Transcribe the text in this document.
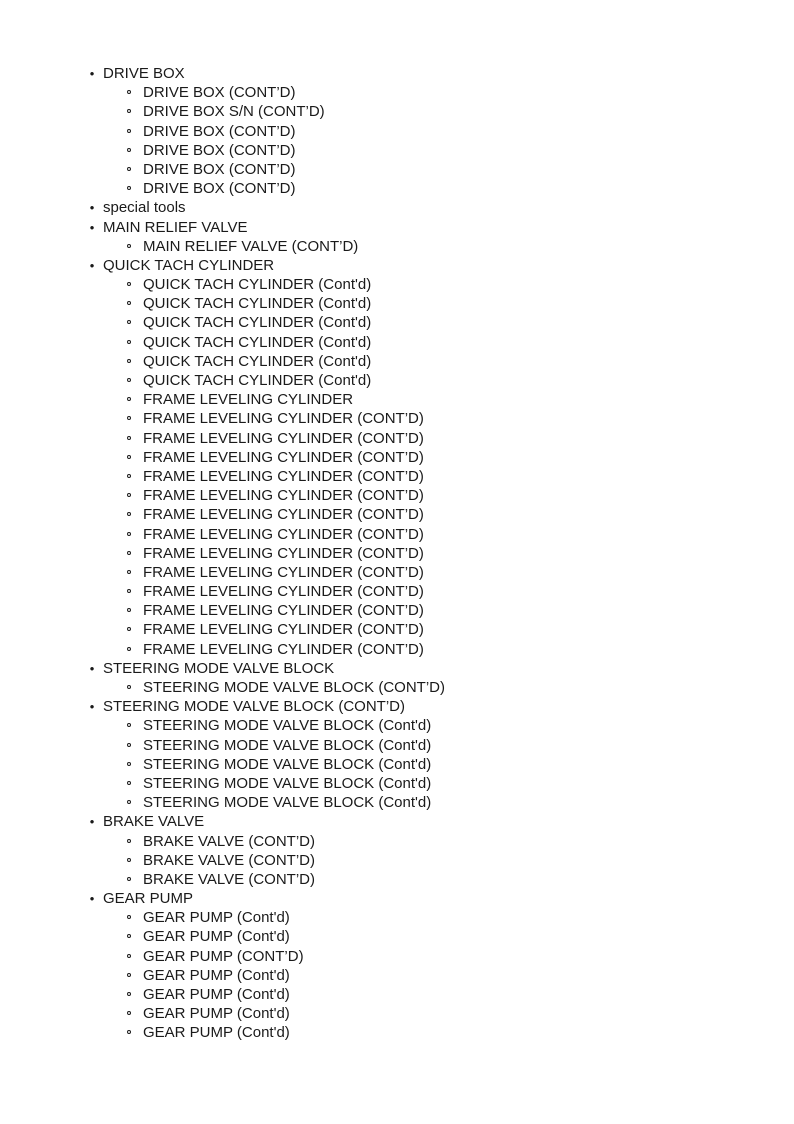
• DRIVE BOX
DRIVE BOX (CONT’D)
DRIVE BOX S/N (CONT’D)
DRIVE BOX (CONT’D)
DRIVE BOX (CONT’D)
DRIVE BOX (CONT’D)
DRIVE BOX (CONT’D)
• special tools
• MAIN RELIEF VALVE
MAIN RELIEF VALVE (CONT’D)
• QUICK TACH CYLINDER
QUICK TACH CYLINDER (Cont'd)
QUICK TACH CYLINDER (Cont'd)
QUICK TACH CYLINDER (Cont'd)
QUICK TACH CYLINDER (Cont'd)
QUICK TACH CYLINDER (Cont'd)
QUICK TACH CYLINDER (Cont'd)
FRAME LEVELING CYLINDER
FRAME LEVELING CYLINDER (CONT’D)
FRAME LEVELING CYLINDER (CONT’D)
FRAME LEVELING CYLINDER (CONT’D)
FRAME LEVELING CYLINDER (CONT’D)
FRAME LEVELING CYLINDER (CONT’D)
FRAME LEVELING CYLINDER (CONT’D)
FRAME LEVELING CYLINDER (CONT’D)
FRAME LEVELING CYLINDER (CONT’D)
FRAME LEVELING CYLINDER (CONT’D)
FRAME LEVELING CYLINDER (CONT’D)
FRAME LEVELING CYLINDER (CONT’D)
FRAME LEVELING CYLINDER (CONT’D)
FRAME LEVELING CYLINDER (CONT’D)
• STEERING MODE VALVE BLOCK
STEERING MODE VALVE BLOCK (CONT’D)
• STEERING MODE VALVE BLOCK (CONT’D)
STEERING MODE VALVE BLOCK (Cont'd)
STEERING MODE VALVE BLOCK (Cont'd)
STEERING MODE VALVE BLOCK (Cont'd)
STEERING MODE VALVE BLOCK (Cont'd)
STEERING MODE VALVE BLOCK (Cont'd)
• BRAKE VALVE
BRAKE VALVE (CONT’D)
BRAKE VALVE (CONT’D)
BRAKE VALVE (CONT’D)
• GEAR PUMP
GEAR PUMP (Cont'd)
GEAR PUMP (Cont'd)
GEAR PUMP (CONT’D)
GEAR PUMP (Cont'd)
GEAR PUMP (Cont'd)
GEAR PUMP (Cont'd)
GEAR PUMP (Cont'd)
